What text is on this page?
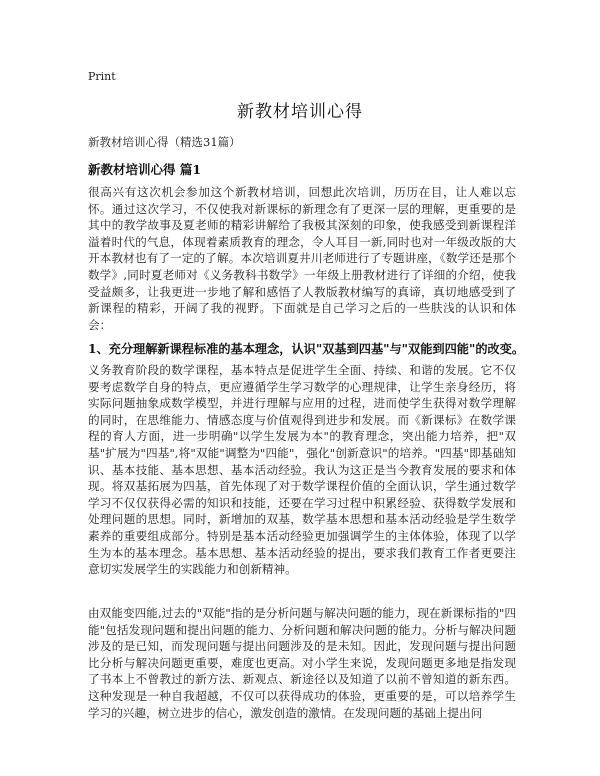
Print
新教材培训心得
新教材培训心得（精选31篇）
新教材培训心得 篇1

很高兴有这次机会参加这个新教材培训，回想此次培训，历历在目，让人难以忘怀。通过这次学习，不仅使我对新课标的新理念有了更深一层的理解，更重要的是其中的教学故事及夏老师的精彩讲解给了我极其深刻的印象，使我感受到新课程洋溢着时代的气息，体现着素质教育的理念，令人耳目一新,同时也对一年级改版的大开本教材也有了一定的了解。本次培训夏井川老师进行了专题讲座，《数学还是那个数学》,同时夏老师对《义务教科书数学》一年级上册教材进行了详细的介绍，使我受益颇多，让我更进一步地了解和感悟了人教版教材编写的真谛，真切地感受到了新课程的精彩，开阔了我的视野。下面就是自己学习之后的一些肤浅的认识和体会：

1、充分理解新课程标准的基本理念，认识"双基到四基"与"双能到四能"的改变。

义务教育阶段的数学课程，基本特点是促进学生全面、持续、和谐的发展。它不仅要考虑数学自身的特点，更应遵循学生学习数学的心理规律，让学生亲身经历，将实际问题抽象成数学模型，并进行理解与应用的过程，进而使学生获得对数学理解的同时，在思维能力、情感态度与价值观得到进步和发展。而《新课标》在数学课程的育人方面，进一步明确"以学生发展为本"的教育理念，突出能力培养，把"双基"扩展为"四基",将"双能"调整为"四能"，强化"创新意识"的培养。"四基"即基础知识、基本技能、基本思想、基本活动经验。我认为这正是当今教育发展的要求和体现。将双基拓展为四基，首先体现了对于数学课程价值的全面认识，学生通过数学学习不仅仅获得必需的知识和技能，还要在学习过程中积累经验、获得数学发展和处理问题的思想。同时，新增加的双基，数学基本思想和基本活动经验是学生数学素养的重要组成部分。特别是基本活动经验更加强调学生的主体体验，体现了以学生为本的基本理念。基本思想、基本活动经验的提出，要求我们教育工作者更要注意切实发展学生的实践能力和创新精神。

由双能变四能,过去的"双能"指的是分析问题与解决问题的能力，现在新课标指的"四能"包括发现问题和提出问题的能力、分析问题和解决问题的能力。分析与解决问题涉及的是已知，而发现问题与提出问题涉及的是未知。因此，发现问题与提出问题比分析与解决问题更重要，难度也更高。对小学生来说，发现问题更多地是指发现了书本上不曾教过的新方法、新观点、新途径以及知道了以前不曾知道的新东西。这种发现是一种自我超越，不仅可以获得成功的体验，更重要的是，可以培养学生学习的兴趣，树立进步的信心，激发创造的激情。在发现问题的基础上提出问
